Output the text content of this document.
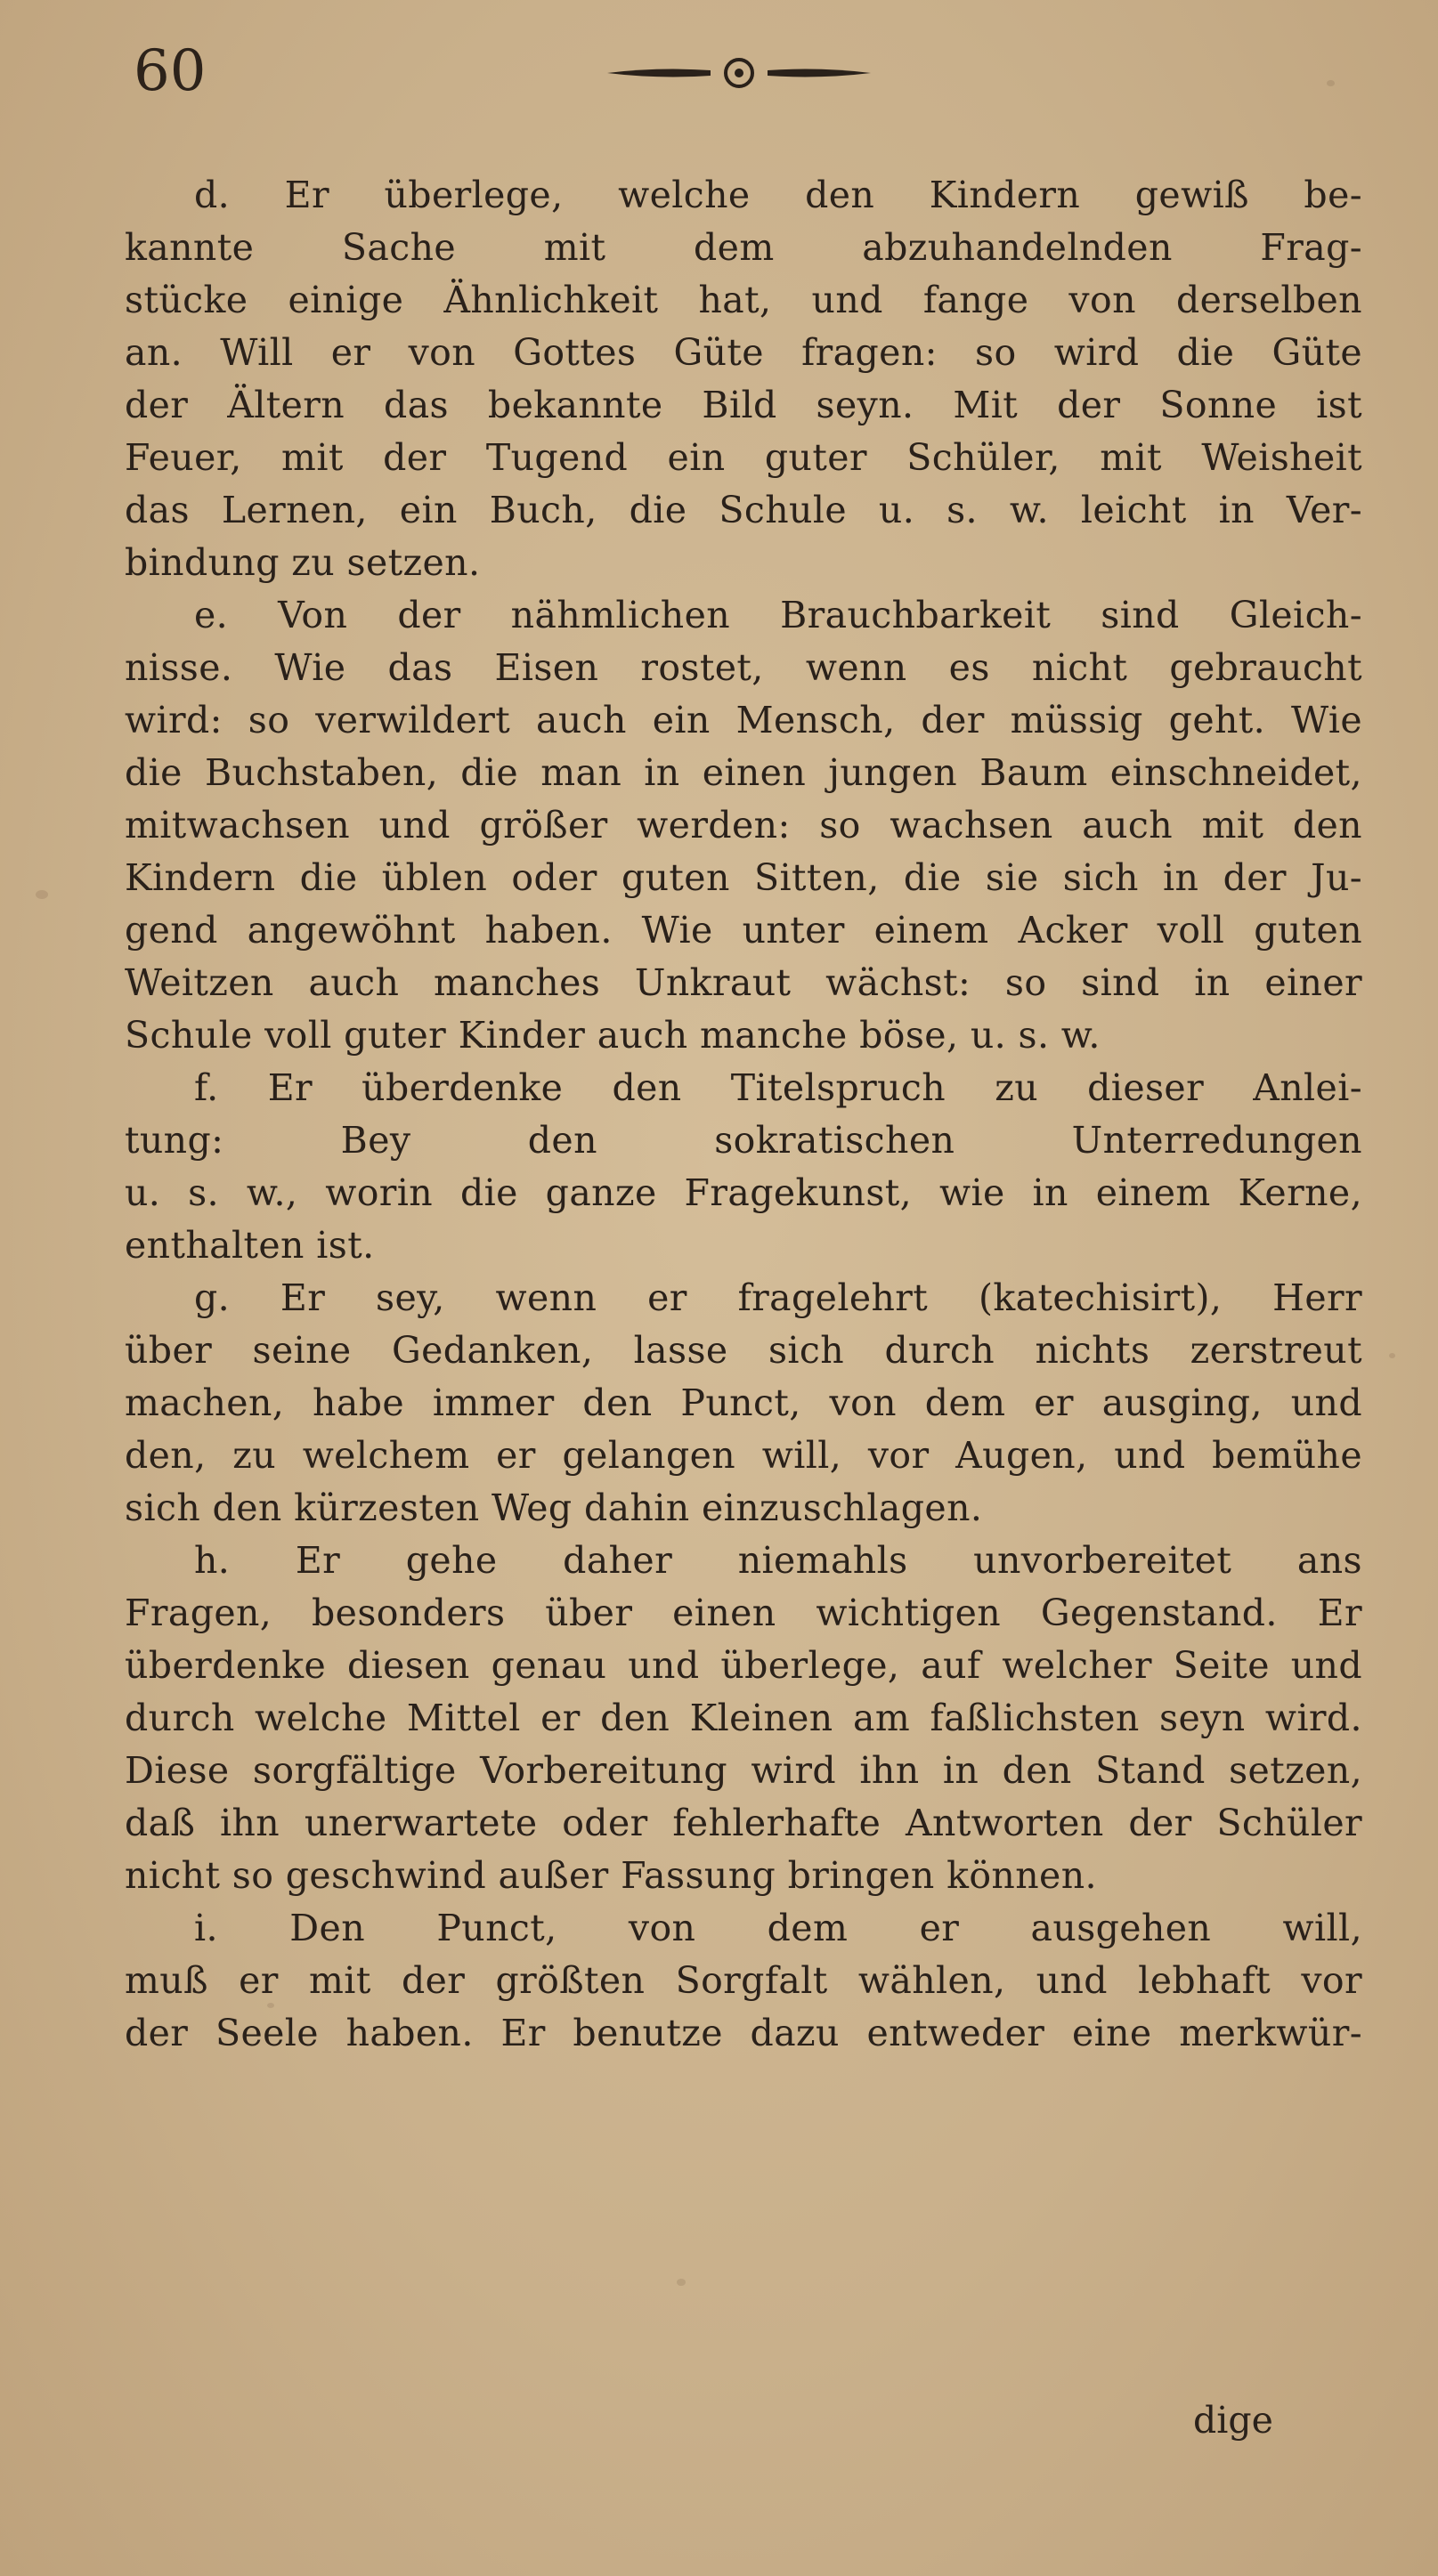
60
d. Er überlege, welche den Kindern gewiß be-
kannte Sache mit dem abzuhandelnden Frag-
stücke einige Ähnlichkeit hat, und fange von derselben
an. Will er von Gottes Güte fragen: so wird die Güte
der Ältern das bekannte Bild seyn. Mit der Sonne ist
Feuer, mit der Tugend ein guter Schüler, mit Weisheit
das Lernen, ein Buch, die Schule u. s. w. leicht in Ver-
bindung zu setzen.
e. Von der nähmlichen Brauchbarkeit sind Gleich-
nisse. Wie das Eisen rostet, wenn es nicht gebraucht
wird: so verwildert auch ein Mensch, der müssig geht. Wie
die Buchstaben, die man in einen jungen Baum einschneidet,
mitwachsen und größer werden: so wachsen auch mit den
Kindern die üblen oder guten Sitten, die sie sich in der Ju-
gend angewöhnt haben. Wie unter einem Acker voll guten
Weitzen auch manches Unkraut wächst: so sind in einer
Schule voll guter Kinder auch manche böse, u. s. w.
f. Er überdenke den Titelspruch zu dieser Anlei-
tung: Bey den sokratischen Unterredungen
u. s. w., worin die ganze Fragekunst, wie in einem Kerne,
enthalten ist.
g. Er sey, wenn er fragelehrt (katechisirt), Herr
über seine Gedanken, lasse sich durch nichts zerstreut
machen, habe immer den Punct, von dem er ausging, und
den, zu welchem er gelangen will, vor Augen, und bemühe
sich den kürzesten Weg dahin einzuschlagen.
h. Er gehe daher niemahls unvorbereitet ans
Fragen, besonders über einen wichtigen Gegenstand. Er
überdenke diesen genau und überlege, auf welcher Seite und
durch welche Mittel er den Kleinen am faßlichsten seyn wird.
Diese sorgfältige Vorbereitung wird ihn in den Stand setzen,
daß ihn unerwartete oder fehlerhafte Antworten der Schüler
nicht so geschwind außer Fassung bringen können.
i. Den Punct, von dem er ausgehen will,
muß er mit der größten Sorgfalt wählen, und lebhaft vor
der Seele haben. Er benutze dazu entweder eine merkwür-
dige
